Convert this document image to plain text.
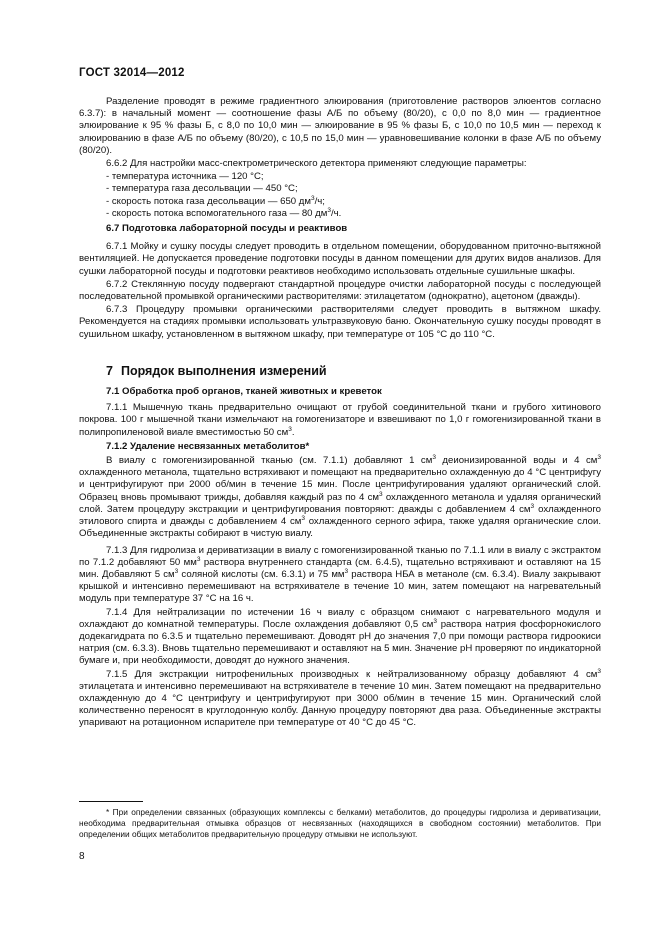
ГОСТ 32014—2012

Разделение проводят в режиме градиентного элюирования (приготовление растворов элюентов согласно 6.3.7): в начальный момент — соотношение фазы А/Б по объему (80/20), с 0,0 по 8,0 мин — градиентное элюирование к 95 % фазы Б, с 8,0 по 10,0 мин — элюирование в 95 % фазы Б, с 10,0 по 10,5 мин — переход к элюированию в фазе А/Б по объему (80/20), с 10,5 по 15,0 мин — уравновешивание колонки в фазе А/Б по объему (80/20).

6.6.2 Для настройки масс-спектрометрического детектора применяют следующие параметры:

- температура источника — 120 °С;

- температура газа десольвации — 450 °С;

- скорость потока газа десольвации — 650 $дм^3/ч$;

- скорость потока вспомогательного газа — 80 $дм^3/ч$.

6.7 Подготовка лабораторной посуды и реактивов

6.7.1 Мойку и сушку посуды следует проводить в отдельном помещении, оборудованном приточно-вытяжной вентиляцией. Не допускается проведение подготовки посуды в данном помещении для других видов анализов. Для сушки лабораторной посуды и подготовки реактивов необходимо использовать отдельные сушильные шкафы.

6.7.2 Стеклянную посуду подвергают стандартной процедуре очистки лабораторной посуды с последующей последовательной промывкой органическими растворителями: этилацетатом (однократно), ацетоном (дважды).

6.7.3 Процедуру промывки органическими растворителями следует проводить в вытяжном шкафу. Рекомендуется на стадиях промывки использовать ультразвуковую баню. Окончательную сушку посуды проводят в сушильном шкафу, установленном в вытяжном шкафу, при температуре от 105 °С до 110 °С.

7 Порядок выполнения измерений
7.1 Обработка проб органов, тканей животных и креветок

7.1.1 Мышечную ткань предварительно очищают от грубой соединительной ткани и грубого хитинового покрова. 100 г мышечной ткани измельчают на гомогенизаторе и взвешивают по 1,0 г гомогенизированной ткани в полипропиленовой виале вместимостью 50 $см^3$.

7.1.2 Удаление несвязанных метаболитов*

В виалу с гомогенизированной тканью (см. 7.1.1) добавляют 1 $см^3$ деионизированной воды и 4 $см^3$ охлажденного метанола, тщательно встряхивают и помещают на предварительно охлажденную до 4 °С центрифугу и центрифугируют при 2000 об/мин в течение 15 мин. После центрифугирования удаляют органический слой. Образец вновь промывают трижды, добавляя каждый раз по 4 $см^3$ охлажденного метанола и удаляя органический слой. Затем процедуру экстракции и центрифугирования повторяют: дважды с добавлением 4 $см^3$ охлажденного этилового спирта и дважды с добавлением 4 $см^3$ охлажденного серного эфира, также удаляя органические слои. Объединенные экстракты собирают в чистую виалу.

7.1.3 Для гидролиза и дериватизации в виалу с гомогенизированной тканью по 7.1.1 или в виалу с экстрактом по 7.1.2 добавляют 50 $мм^3$ раствора внутреннего стандарта (см. 6.4.5), тщательно встряхивают и оставляют на 15 мин. Добавляют 5 $см^3$ соляной кислоты (см. 6.3.1) и 75 $мм^3$ раствора НБА в метаноле (см. 6.3.4). Виалу закрывают крышкой и интенсивно перемешивают на встряхивателе в течение 10 мин, затем помещают на нагревательный модуль при температуре 37 °С на 16 ч.

7.1.4 Для нейтрализации по истечении 16 ч виалу с образцом снимают с нагревательного модуля и охлаждают до комнатной температуры. После охлаждения добавляют 0,5 $см^3$ раствора натрия фосфорнокислого додекагидрата по 6.3.5 и тщательно перемешивают. Доводят pH до значения 7,0 при помощи раствора гидроокиси натрия (см. 6.3.3). Вновь тщательно перемешивают и оставляют на 5 мин. Значение pH проверяют по индикаторной бумаге и, при необходимости, доводят до нужного значения.

7.1.5 Для экстракции нитрофенильных производных к нейтрализованному образцу добавляют 4 $см^3$ этилацетата и интенсивно перемешивают на встряхивателе в течение 10 мин. Затем помещают на предварительно охлажденную до 4 °С центрифугу и центрифугируют при 3000 об/мин в течение 15 мин. Органический слой количественно переносят в круглодонную колбу. Данную процедуру повторяют два раза. Объединенные экстракты упаривают на ротационном испарителе при температуре от 40 °С до 45 °С.

* При определении связанных (образующих комплексы с белками) метаболитов, до процедуры гидролиза и дериватизации, необходима предварительная отмывка образцов от несвязанных (находящихся в свободном состоянии) метаболитов. При определении общих метаболитов предварительную процедуру отмывки не используют.
8
